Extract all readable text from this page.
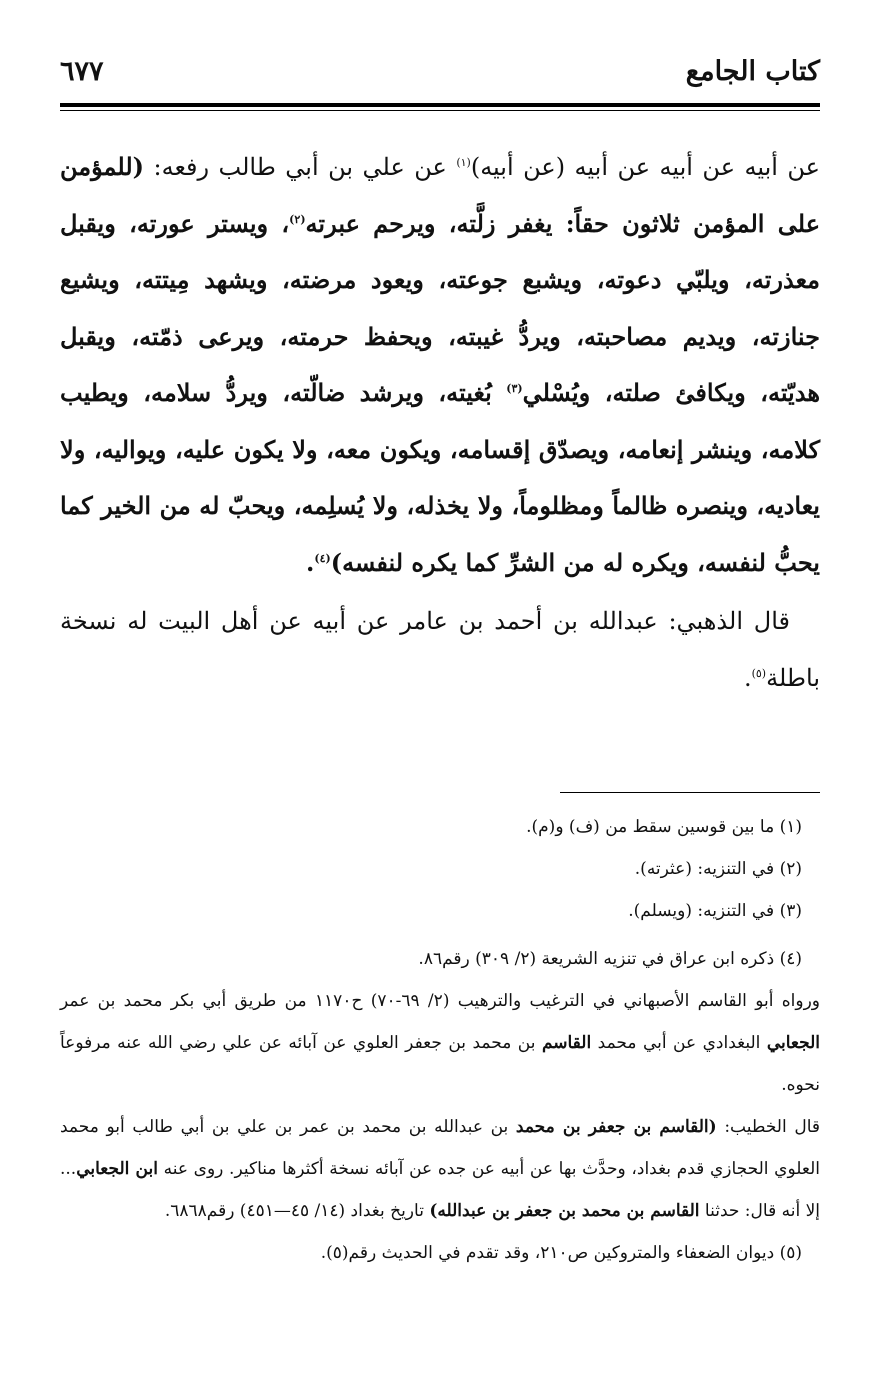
كتاب الجامع
٦٧٧

عن أبيه عن أبيه عن أبيه (عن أبيه)$^{(١)}$ عن علي بن أبي طالب رفعه: (للمؤمن على المؤمن ثلاثون حقاً: يغفر زلَّته، ويرحم عبرته$^{(٢)}$، ويستر عورته، ويقبل معذرته، ويلبّي دعوته، ويشبع جوعته، ويعود مرضته، ويشهد مِيتته، ويشيع جنازته، ويديم مصاحبته، ويردُّ غيبته، ويحفظ حرمته، ويرعى ذمّته، ويقبل هديّته، ويكافئ صلته، ويُسْلي$^{(٣)}$ بُغيته، ويرشد ضالّته، ويردُّ سلامه، ويطيب كلامه، وينشر إنعامه، ويصدّق إقسامه، ويكون معه، ولا يكون عليه، ويواليه، ولا يعاديه، وينصره ظالماً ومظلوماً، ولا يخذله، ولا يُسلِمه، ويحبّ له من الخير كما يحبُّ لنفسه، ويكره له من الشرِّ كما يكره لنفسه)$^{(٤)}$.

قال الذهبي: عبدالله بن أحمد بن عامر عن أبيه عن أهل البيت له نسخة باطلة$^{(٥)}$.

(١) ما بين قوسين سقط من (ف) و(م).

(٢) في التنزيه: (عثرته).

(٣) في التنزيه: (ويسلم).

(٤) ذكره ابن عراق في تنزيه الشريعة (٢/ ٣٠٩) رقم٨٦.

ورواه أبو القاسم الأصبهاني في الترغيب والترهيب (٢/ ٦٩-٧٠) ح١١٧٠ من طريق أبي بكر محمد بن عمر الجعابي البغدادي عن أبي محمد القاسم بن محمد بن جعفر العلوي عن آبائه عن علي رضي الله عنه مرفوعاً نحوه.

قال الخطيب: (القاسم بن جعفر بن محمد بن عبدالله بن محمد بن عمر بن علي بن أبي طالب أبو محمد العلوي الحجازي قدم بغداد، وحدَّث بها عن أبيه عن جده عن آبائه نسخة أكثرها مناكير. روى عنه ابن الجعابي... إلا أنه قال: حدثنا القاسم بن محمد بن جعفر بن عبدالله) تاريخ بغداد (١٤/ ٤٥—٤٥١) رقم٦٨٦٨.

(٥) ديوان الضعفاء والمتروكين ص٢١٠، وقد تقدم في الحديث رقم(٥).
